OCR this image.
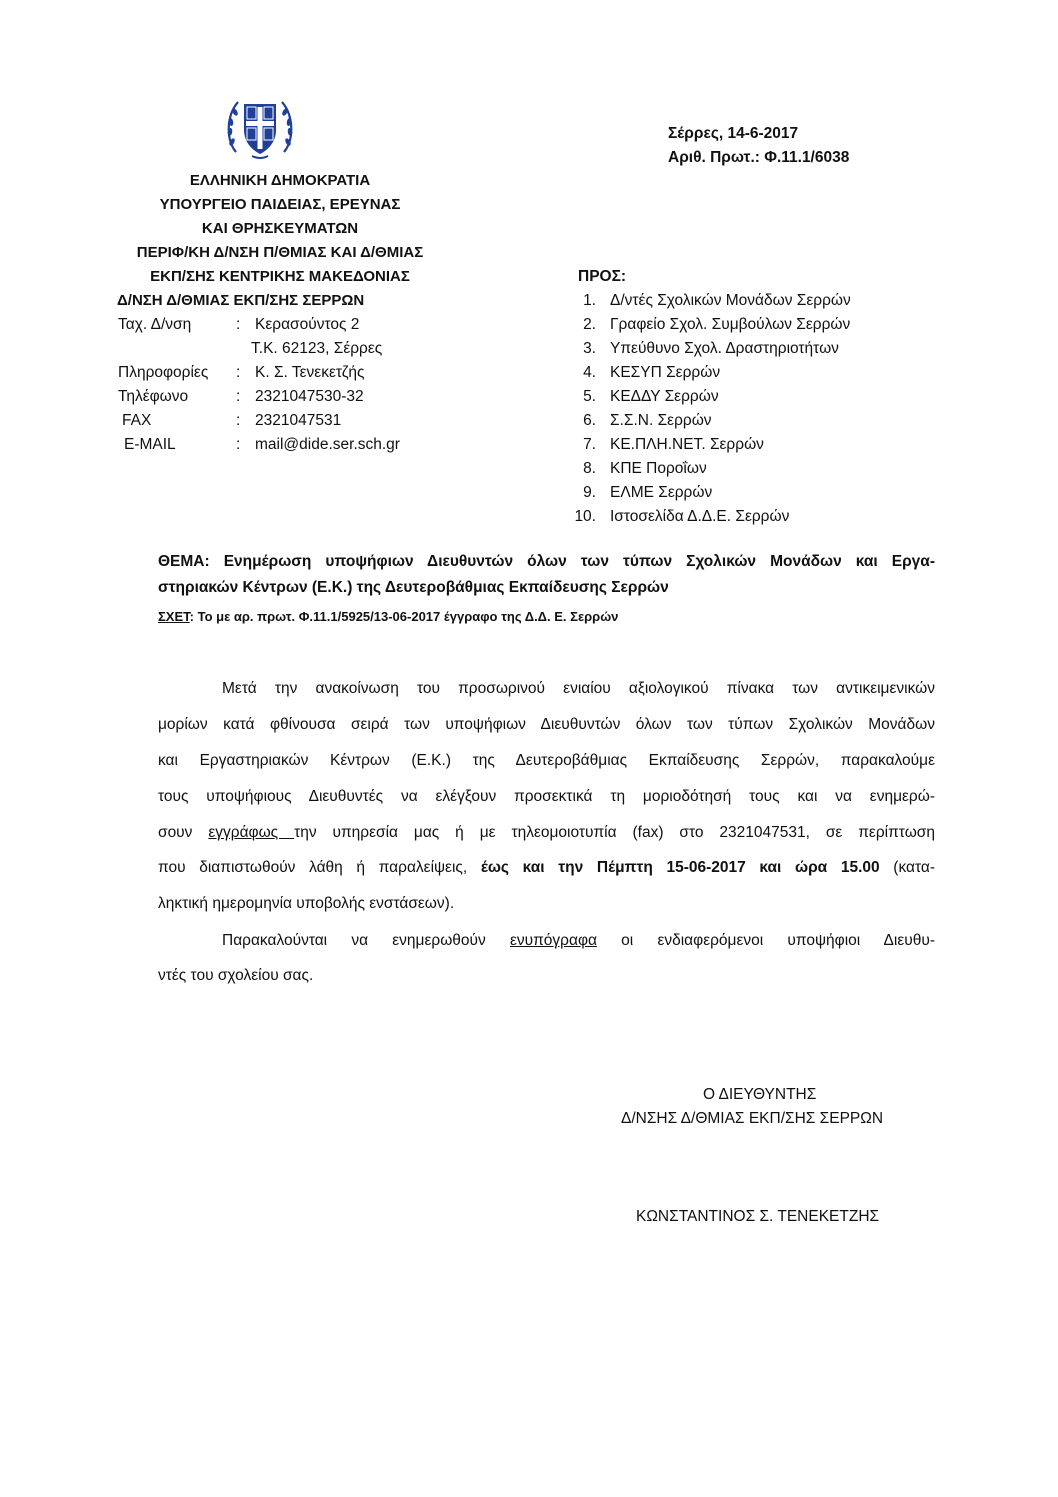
ΕΛΛΗΝΙΚΗ ΔΗΜΟΚΡΑΤΙΑ
ΥΠΟΥΡΓΕΙΟ ΠΑΙΔΕΙΑΣ, ΕΡΕΥΝΑΣ
ΚΑΙ ΘΡΗΣΚΕΥΜΑΤΩΝ
ΠΕΡΙΦ/ΚΗ Δ/ΝΣΗ Π/ΘΜΙΑΣ ΚΑΙ Δ/ΘΜΙΑΣ
ΕΚΠ/ΣΗΣ ΚΕΝΤΡΙΚΗΣ ΜΑΚΕΔΟΝΙΑΣ
Δ/ΝΣΗ Δ/ΘΜΙΑΣ ΕΚΠ/ΣΗΣ ΣΕΡΡΩΝ
Ταχ. Δ/νση	: Κερασούντος 2
Τ.Κ. 62123, Σέρρες
Πληροφορίες : Κ. Σ. Τενεκετζής
Τηλέφωνο	: 2321047530-32
FAX	: 2321047531
E-MAIL	: mail@dide.ser.sch.gr
Σέρρες, 14-6-2017
Αριθ. Πρωτ.: Φ.11.1/6038
ΠΡΟΣ:
1. Δ/ντές Σχολικών Μονάδων Σερρών
2. Γραφείο Σχολ. Συμβούλων Σερρών
3. Υπεύθυνο Σχολ. Δραστηριοτήτων
4. ΚΕΣΥΠ Σερρών
5. ΚΕΔΔΥ Σερρών
6. Σ.Σ.Ν. Σερρών
7. ΚΕ.ΠΛΗ.ΝΕΤ. Σερρών
8. ΚΠΕ Ποροΐων
9. ΕΛΜΕ Σερρών
10. Ιστοσελίδα Δ.Δ.Ε. Σερρών
ΘΕΜΑ: Ενημέρωση υποψήφιων Διευθυντών όλων των τύπων Σχολικών Μονάδων και Εργα-
στηριακών Κέντρων (Ε.Κ.) της Δευτεροβάθμιας Εκπαίδευσης Σερρών
ΣΧΕΤ: Το με αρ. πρωτ. Φ.11.1/5925/13-06-2017 έγγραφο της Δ.Δ. Ε. Σερρών
Μετά την ανακοίνωση του προσωρινού ενιαίου αξιολογικού πίνακα των αντικειμενικών
μορίων κατά φθίνουσα σειρά των υποψήφιων Διευθυντών όλων των τύπων Σχολικών Μονάδων
και Εργαστηριακών Κέντρων (Ε.Κ.) της Δευτεροβάθμιας Εκπαίδευσης Σερρών, παρακαλούμε
τους υποψήφιους Διευθυντές να ελέγξουν προσεκτικά τη μοριοδότησή τους και να ενημερώ-
σουν εγγράφως την υπηρεσία μας ή με τηλεομοιοτυπία (fax) στο 2321047531, σε περίπτωση
που διαπιστωθούν λάθη ή παραλείψεις, έως και την Πέμπτη 15-06-2017 και ώρα 15.00 (κατα-
ληκτική ημερομηνία υποβολής ενστάσεων).
Παρακαλούνται να ενημερωθούν ενυπόγραφα οι ενδιαφερόμενοι υποψήφιοι Διευθυ-
ντές του σχολείου σας.
Ο ΔΙΕΥΘΥΝΤΗΣ
Δ/ΝΣΗΣ Δ/ΘΜΙΑΣ ΕΚΠ/ΣΗΣ ΣΕΡΡΩΝ
ΚΩΝΣΤΑΝΤΙΝΟΣ Σ. ΤΕΝΕΚΕΤΖΗΣ
